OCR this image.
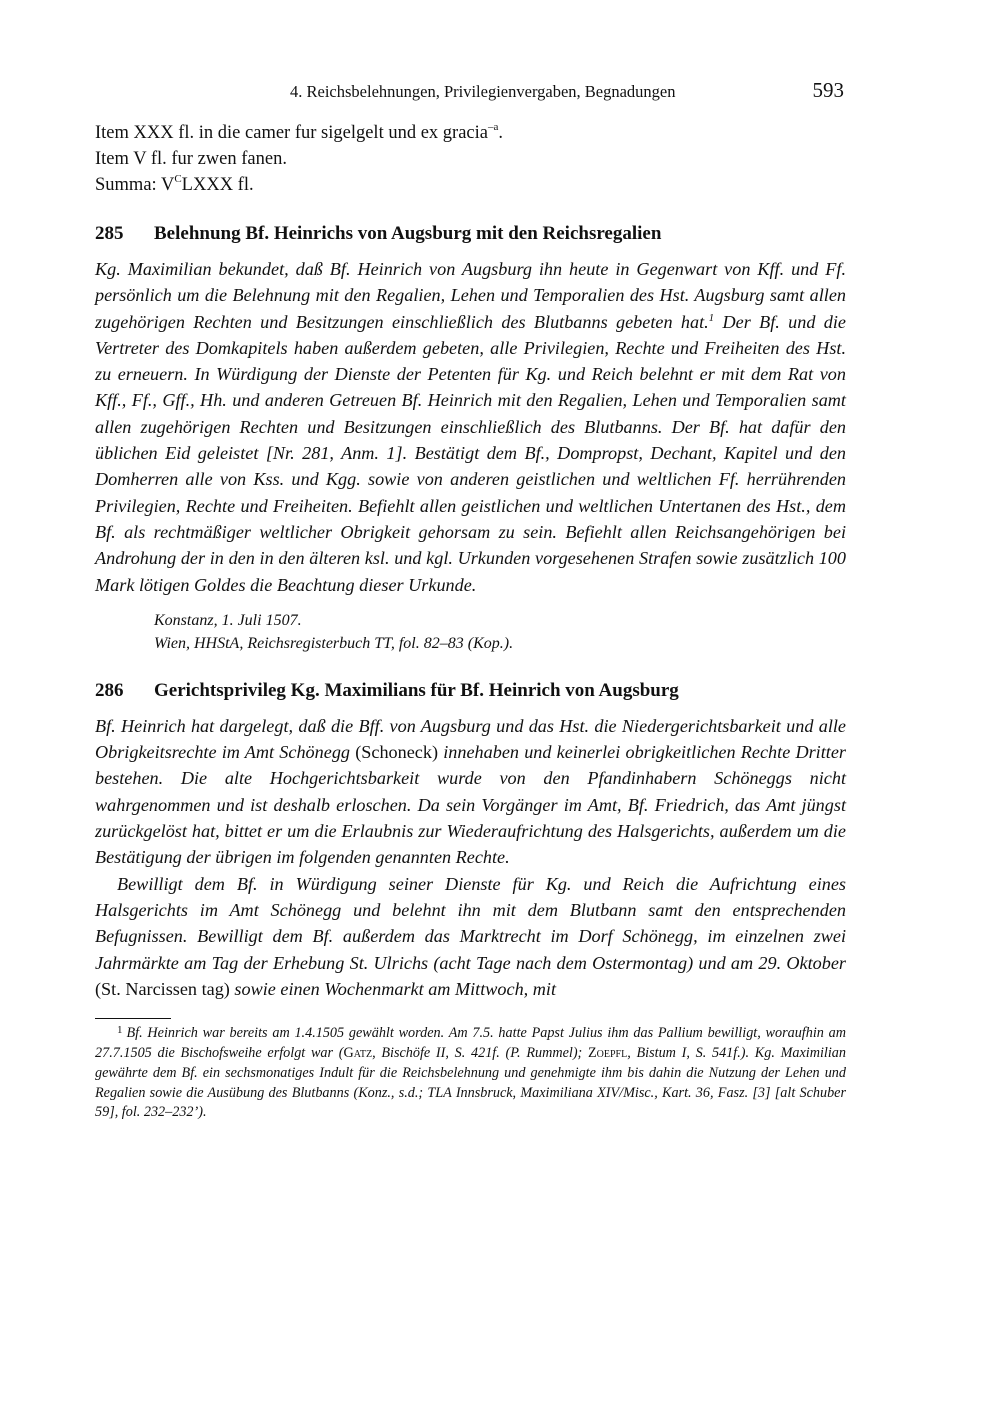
4. Reichsbelehnungen, Privilegienvergaben, Begnadungen	593
Item XXX fl. in die camer fur sigelgelt und ex gracia$^{-a}$.
Item V fl. fur zwen fanen.
Summa: $V^CLXXX$ fl.
285	Belehnung Bf. Heinrichs von Augsburg mit den Reichsregalien

Kg. Maximilian bekundet, daß Bf. Heinrich von Augsburg ihn heute in Gegenwart von Kff. und Ff. persönlich um die Belehnung mit den Regalien, Lehen und Temporalien des Hst. Augsburg samt allen zugehörigen Rechten und Besitzungen einschließlich des Blutbanns gebeten hat.$^1$ Der Bf. und die Vertreter des Domkapitels haben außerdem gebeten, alle Privilegien, Rechte und Freiheiten des Hst. zu erneuern. In Würdigung der Dienste der Petenten für Kg. und Reich belehnt er mit dem Rat von Kff., Ff., Gff., Hh. und anderen Getreuen Bf. Heinrich mit den Regalien, Lehen und Temporalien samt allen zugehörigen Rechten und Besitzungen einschließlich des Blutbanns. Der Bf. hat dafür den üblichen Eid geleistet [Nr. 281, Anm. 1]. Bestätigt dem Bf., Dompropst, Dechant, Kapitel und den Domherren alle von Kss. und Kgg. sowie von anderen geistlichen und weltlichen Ff. herrührenden Privilegien, Rechte und Freiheiten. Befiehlt allen geistlichen und weltlichen Untertanen des Hst., dem Bf. als rechtmäßiger weltlicher Obrigkeit gehorsam zu sein. Befiehlt allen Reichsangehörigen bei Androhung der in den in den älteren ksl. und kgl. Urkunden vorgesehenen Strafen sowie zusätzlich 100 Mark lötigen Goldes die Beachtung dieser Urkunde.

Konstanz, 1. Juli 1507.
Wien, HHStA, Reichsregisterbuch TT, fol. 82–83 (Kop.).
286	Gerichtsprivileg Kg. Maximilians für Bf. Heinrich von Augsburg

Bf. Heinrich hat dargelegt, daß die Bff. von Augsburg und das Hst. die Niedergerichtsbarkeit und alle Obrigkeitsrechte im Amt Schönegg (Schoneck) innehaben und keinerlei obrigkeitlichen Rechte Dritter bestehen. Die alte Hochgerichtsbarkeit wurde von den Pfandinhabern Schöneggs nicht wahrgenommen und ist deshalb erloschen. Da sein Vorgänger im Amt, Bf. Friedrich, das Amt jüngst zurückgelöst hat, bittet er um die Erlaubnis zur Wiederaufrichtung des Halsgerichts, außerdem um die Bestätigung der übrigen im folgenden genannten Rechte.

Bewilligt dem Bf. in Würdigung seiner Dienste für Kg. und Reich die Aufrichtung eines Halsgerichts im Amt Schönegg und belehnt ihn mit dem Blutbann samt den entsprechenden Befugnissen. Bewilligt dem Bf. außerdem das Marktrecht im Dorf Schönegg, im einzelnen zwei Jahrmärkte am Tag der Erhebung St. Ulrichs (acht Tage nach dem Ostermontag) und am 29. Oktober (St. Narcissen tag) sowie einen Wochenmarkt am Mittwoch, mit

$^1$ Bf. Heinrich war bereits am 1.4.1505 gewählt worden. Am 7.5. hatte Papst Julius ihm das Pallium bewilligt, woraufhin am 27.7.1505 die Bischofsweihe erfolgt war (Gatz, Bischöfe II, S. 421f. (P. Rummel); Zoepfl, Bistum I, S. 541f.). Kg. Maximilian gewährte dem Bf. ein sechsmonatiges Indult für die Reichsbelehnung und genehmigte ihm bis dahin die Nutzung der Lehen und Regalien sowie die Ausübung des Blutbanns (Konz., s.d.; TLA Innsbruck, Maximiliana XIV/Misc., Kart. 36, Fasz. [3] [alt Schuber 59], fol. 232–232’).
